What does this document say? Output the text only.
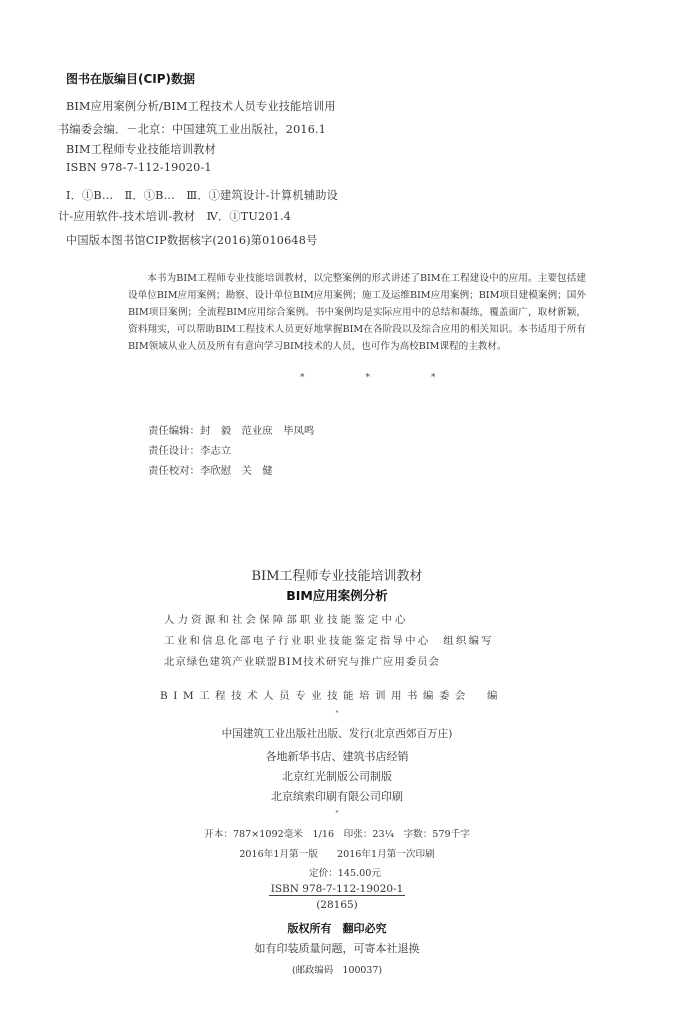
图书在版编目(CIP)数据
BIM应用案例分析/BIM工程技术人员专业技能培训用
书编委会编．－北京：中国建筑工业出版社，2016.1
BIM工程师专业技能培训教材
ISBN 978-7-112-19020-1
Ⅰ．①B…　Ⅱ．①B…　Ⅲ．①建筑设计-计算机辅助设
计-应用软件-技术培训-教材　Ⅳ．①TU201.4
中国版本图书馆CIP数据核字(2016)第010648号

本书为BIM工程师专业技能培训教材，以完整案例的形式讲述了BIM在工程建设中的应用。主要包括建设单位BIM应用案例；勘察、设计单位BIM应用案例；施工及运维BIM应用案例；BIM项目建模案例；国外BIM项目案例；全流程BIM应用综合案例。书中案例均是实际应用中的总结和凝练，覆盖面广，取材新颖，资料翔实，可以帮助BIM工程技术人员更好地掌握BIM在各阶段以及综合应用的相关知识。本书适用于所有BIM领域从业人员及所有有意向学习BIM技术的人员，也可作为高校BIM课程的主教材。

*　*　*
责任编辑：封　毅　范业庶　毕凤鸣
责任设计：李志立
责任校对：李欣慰　关　健
BIM工程师专业技能培训教材
BIM应用案例分析
人力资源和社会保障部职业技能鉴定中心
工业和信息化部电子行业职业技能鉴定指导中心　组织编写
北京绿色建筑产业联盟BIM技术研究与推广应用委员会
BIM工程技术人员专业技能培训用书编委会　编
*
中国建筑工业出版社出版、发行(北京西郊百万庄)
各地新华书店、建筑书店经销
北京红光制版公司制版
北京缤索印刷有限公司印刷
*
开本：787×1092毫米　1/16　印张：23¼　字数：579千字
2016年1月第一版　　2016年1月第一次印刷
定价：145.00元
ISBN 978-7-112-19020-1
(28165)
版权所有　翻印必究
如有印装质量问题，可寄本社退换
(邮政编码　100037)
